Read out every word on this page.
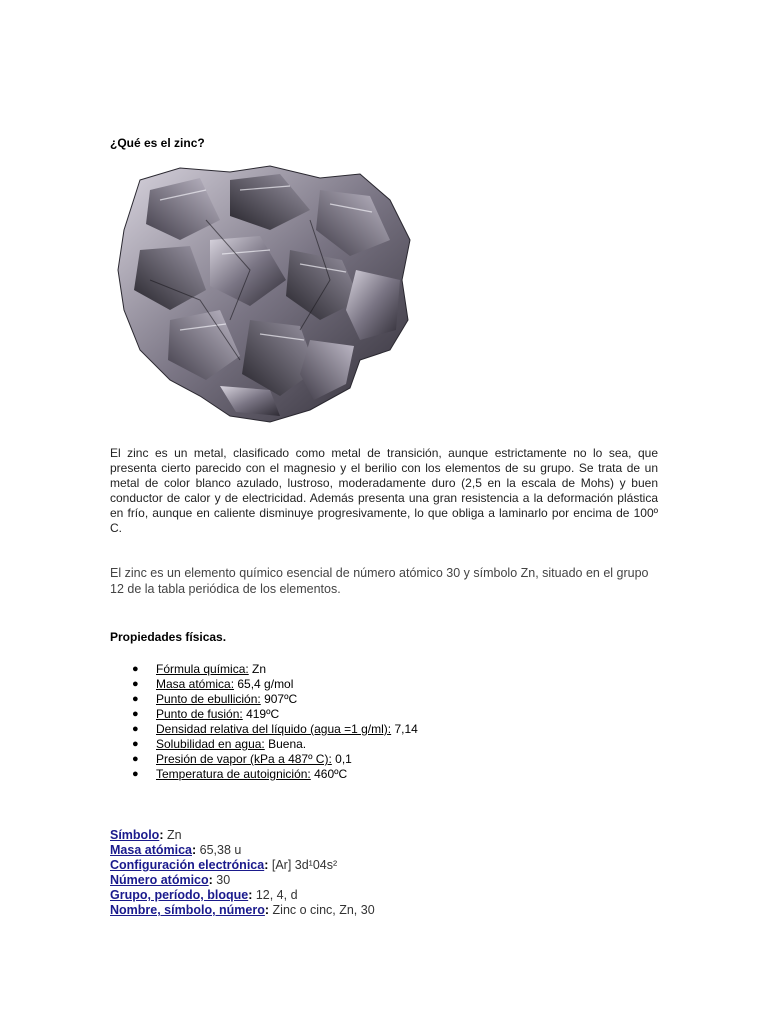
¿Qué es el zinc?

El zinc es un metal, clasificado como metal de transición, aunque estrictamente no lo sea, que presenta cierto parecido con el magnesio y el berilio con los elementos de su grupo. Se trata de un metal de color blanco azulado, lustroso, moderadamente duro (2,5 en la escala de Mohs) y buen conductor de calor y de electricidad. Además presenta una gran resistencia a la deformación plástica en frío, aunque en caliente disminuye progresivamente, lo que obliga a laminarlo por encima de 100º C.

El zinc es un elemento químico esencial de número atómico 30 y símbolo Zn, situado en el grupo 12 de la tabla periódica de los elementos.

Propiedades físicas.
● Fórmula química: Zn
● Masa atómica: 65,4 g/mol
● Punto de ebullición: 907ºC
● Punto de fusión: 419ºC
● Densidad relativa del líquido (agua =1 g/ml): 7,14
● Solubilidad en agua: Buena.
● Presión de vapor (kPa a 487º C): 0,1
● Temperatura de autoignición: 460ºC
Símbolo: Zn
Masa atómica: 65,38 u
Configuración electrónica: [Ar] 3d¹04s²
Número atómico: 30
Grupo, período, bloque: 12, 4, d
Nombre, símbolo, número: Zinc o cinc, Zn, 30
